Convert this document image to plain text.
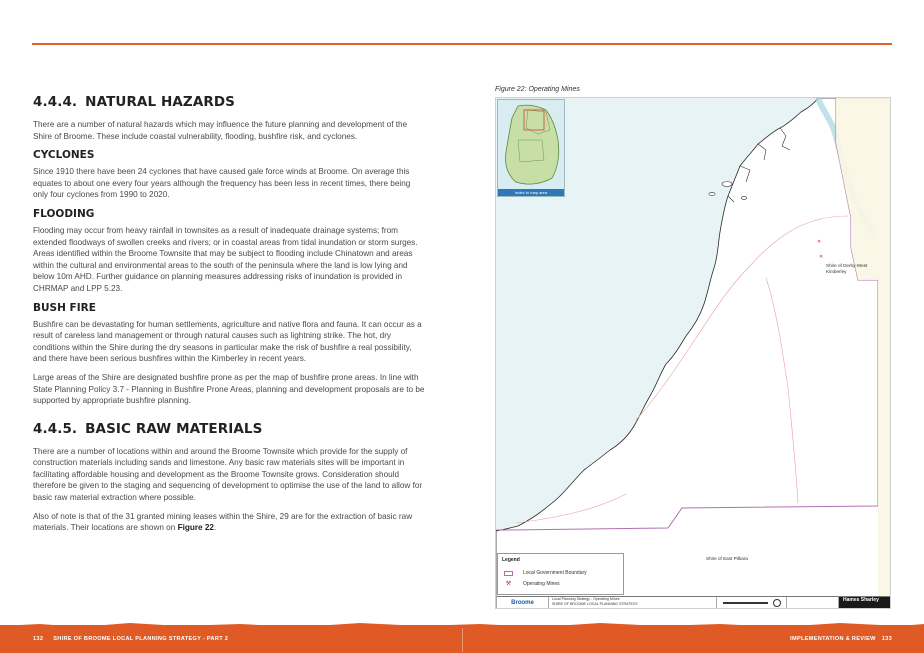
4.4.4. NATURAL HAZARDS

There are a number of natural hazards which may influence the future planning and development of the Shire of Broome. These include coastal vulnerability, flooding, bushfire risk, and cyclones.

CYCLONES

Since 1910 there have been 24 cyclones that have caused gale force winds at Broome. On average this equates to about one every four years although the frequency has been less in recent times, there being only four cyclones from 1990 to 2020.

FLOODING

Flooding may occur from heavy rainfall in townsites as a result of inadequate drainage systems; from extended floodways of swollen creeks and rivers; or in coastal areas from tidal inundation or storm surges. Areas identified within the Broome Townsite that may be subject to flooding include Chinatown and areas within the cultural and environmental areas to the south of the peninsula where the land is low lying and below 10m AHD. Further guidance on planning measures addressing risks of inundation is provided in CHRMAP and LPP 5.23.

BUSH FIRE

Bushfire can be devastating for human settlements, agriculture and native flora and fauna. It can occur as a result of careless land management or through natural causes such as lightning strike. The hot, dry conditions within the Shire during the dry seasons in particular make the risk of bushfire a real possibility, and there have been serious bushfires within the Kimberley in recent years.

Large areas of the Shire are designated bushfire prone as per the map of bushfire prone areas. In line with State Planning Policy 3.7 - Planning in Bushfire Prone Areas, planning and development proposals are to be supported by appropriate bushfire planning.

4.4.5. BASIC RAW MATERIALS

There are a number of locations within and around the Broome Townsite which provide for the supply of construction materials including sands and limestone. Any basic raw materials sites will be important in facilitating affordable housing and development as the Broome Townsite grows. Consideration should therefore be given to the staging and sequencing of development to optimise the use of the land to allow for basic raw material extraction where possible.

Also of note is that of the 31 granted mining leases within the Shire, 29 are for the extraction of basic raw materials. Their locations are shown on Figure 22.

Figure 22: Operating Mines
✕
✕
Index to map area
Shire of Derby-West Kimberley
Shire of East Pilbara
Legend
Local Government Boundary
⚒	Operating Mines
Broome
Local Planning Strategy - Operating Mines
SHIRE OF BROOME LOCAL PLANNING STRATEGY
Hames Sharley
132 SHIRE OF BROOME LOCAL PLANNING STRATEGY - PART 2	IMPLEMENTATION & REVIEW 133
